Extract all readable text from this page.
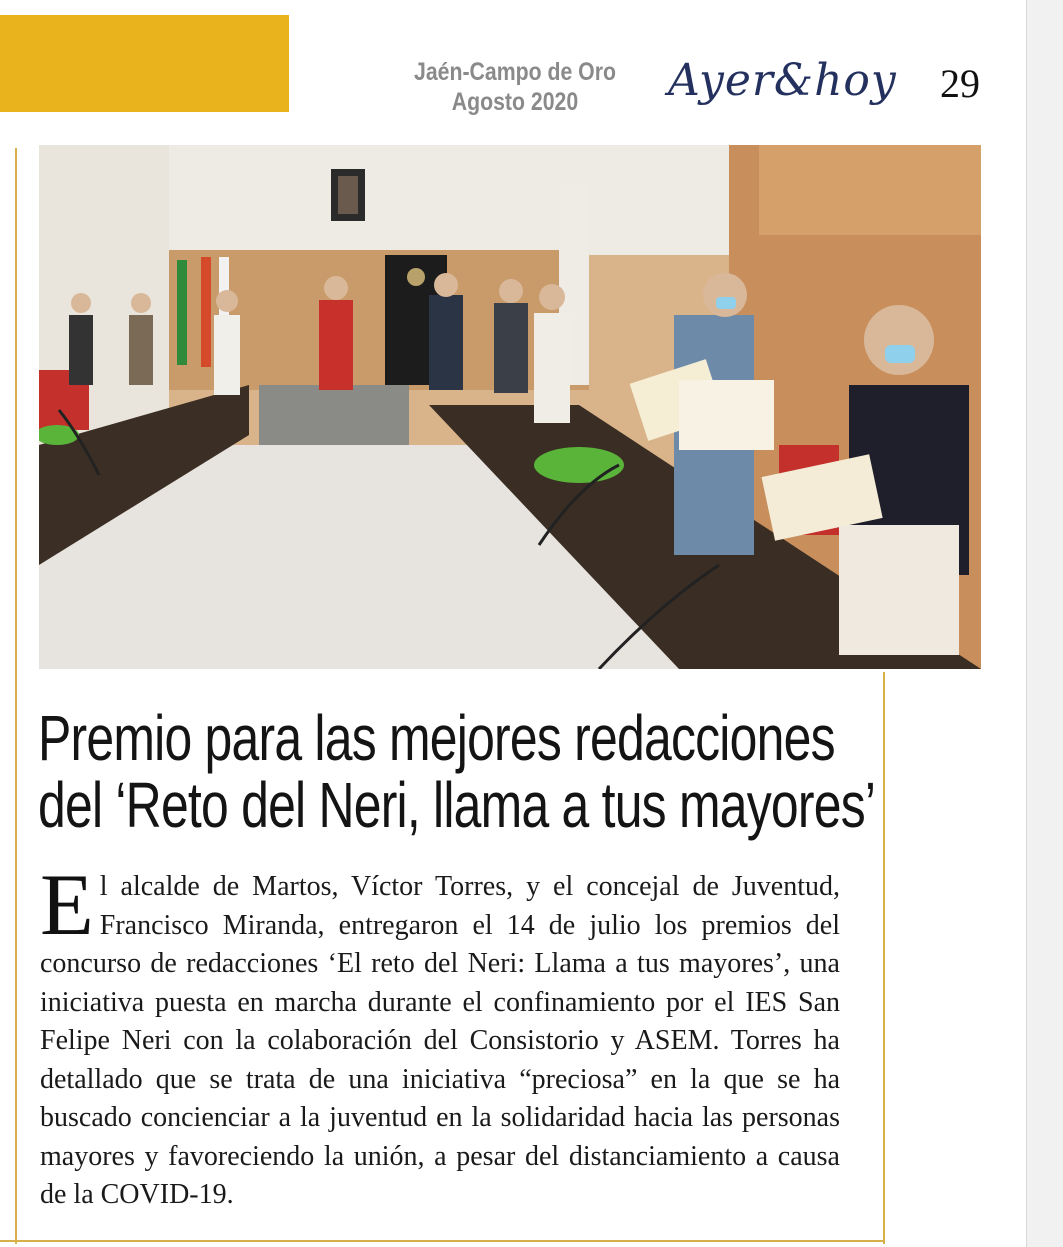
Jaén-Campo de Oro
Agosto 2020	Ayer&hoy 29
Premio para las mejores redacciones
del ‘Reto del Neri, llama a tus mayores’
El alcalde de Martos, Víctor Torres, y el concejal de Juventud, Francisco Miranda, entregaron el 14 de julio los premios del concurso de redacciones ‘El reto del Neri: Llama a tus mayores’, una iniciativa puesta en marcha durante el confinamiento por el IES San Felipe Neri con la colaboración del Consistorio y ASEM. Torres ha detallado que se trata de una iniciativa “preciosa” en la que se ha buscado concienciar a la juventud en la solidaridad hacia las personas mayores y favoreciendo la unión, a pesar del distanciamiento a causa de la COVID-19.
